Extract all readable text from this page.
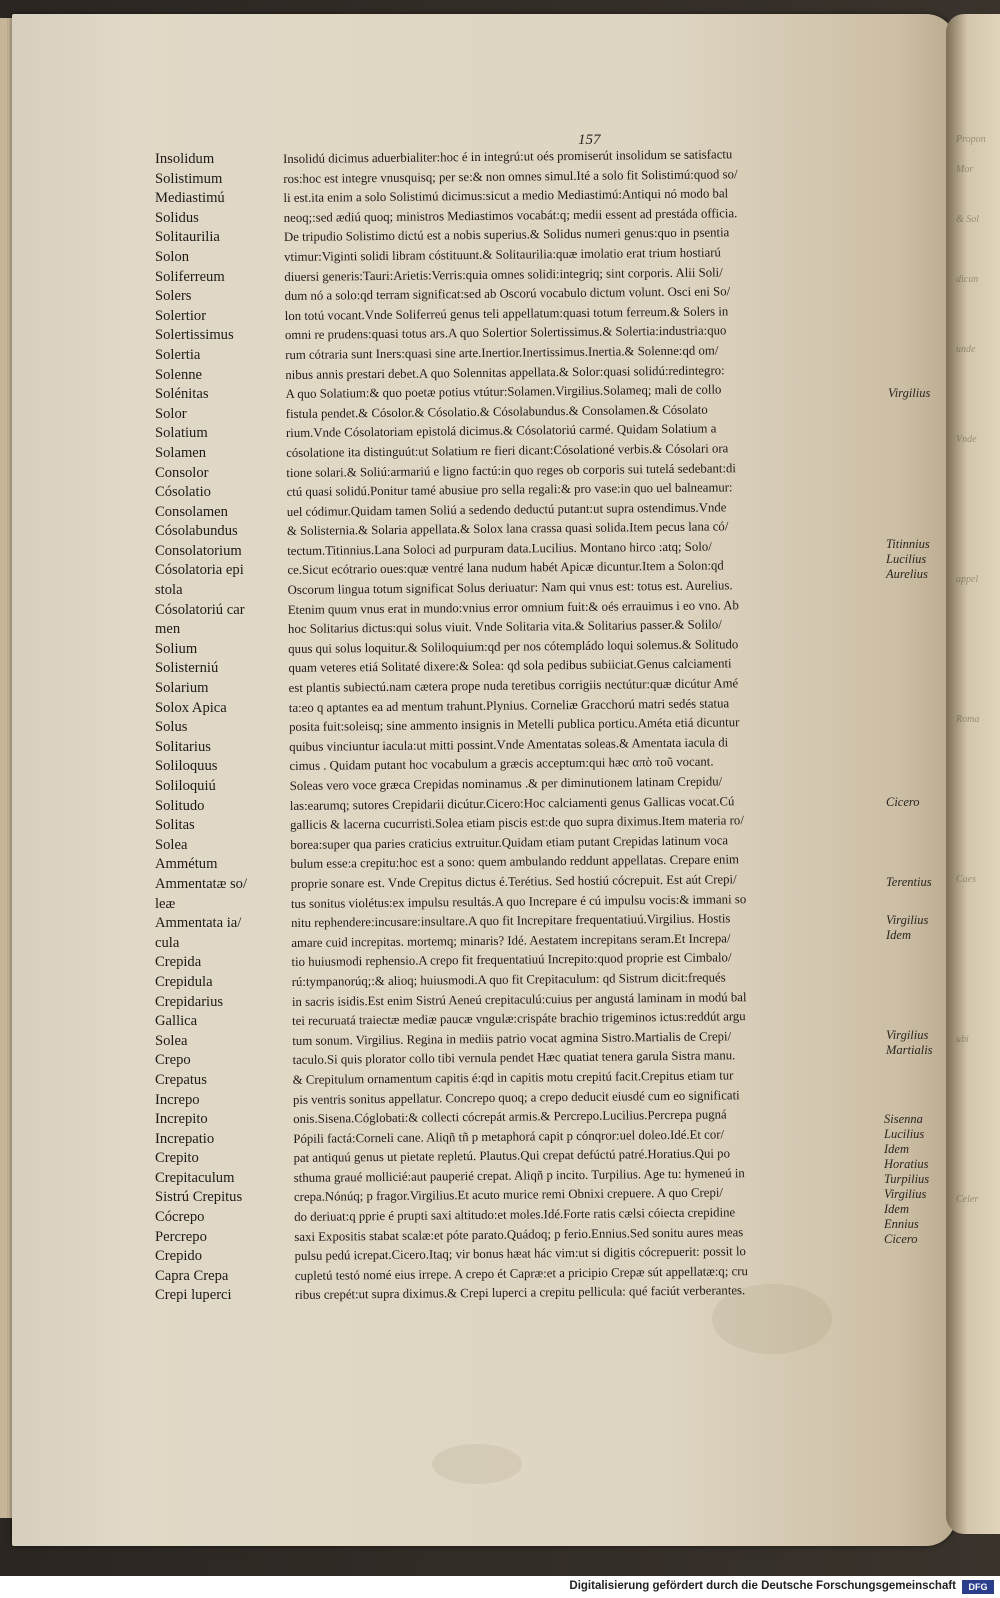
Propon
Mor
& Sol
dicun
unde
Vnde
appel
Roma
Caes
ubi
Celer
157
Insolidum
Solistimum
Mediastimú
Solidus
Solitaurilia
Solon
Soliferreum
Solers
Solertior
Solertissimus
Solertia
Solenne
Solénitas
Solor
Solatium
Solamen
Consolor
Cósolatio
Consolamen
Cósolabundus
Consolatorium
Cósolatoria epi
stola
Cósolatoriú car
men
Solium
Solisterniú
Solarium
Solox Apica
Solus
Solitarius
Soliloquus
Soliloquiú
Solitudo
Solitas
Solea
Ammétum
Ammentatæ so/
leæ
Ammentata ia/
cula
Crepida
Crepidula
Crepidarius
Gallica
Solea
Crepo
Crepatus
Increpo
Increpito
Increpatio
Crepito
Crepitaculum
Sistrú Crepitus
Cócrepo
Percrepo
Crepido
Capra Crepa
Crepi luperci
Insolidú dicimus aduerbialiter:hoc é in integrú:ut oés promiserút insolidum se satisfactu
ros:hoc est integre vnusquisq; per se:& non omnes simul.Ité a solo fit Solistimú:quod so/
li est.ita enim a solo Solistimú dicimus:sicut a medio Mediastimú:Antiqui nó modo bal
neoq;:sed ædiú quoq; ministros Mediastimos vocabát:q; medii essent ad prestáda officia.
De tripudio Solistimo dictú est a nobis superius.& Solidus numeri genus:quo in psentia
vtimur:Viginti solidi libram cóstituunt.& Solitaurilia:quæ imolatio erat trium hostiarú
diuersi generis:Tauri:Arietis:Verris:quia omnes solidi:integriq; sint corporis. Alii Soli/
dum nó a solo:qd terram significat:sed ab Oscorú vocabulo dictum volunt. Osci eni So/
lon totú vocant.Vnde Soliferreú genus teli appellatum:quasi totum ferreum.& Solers in
omni re prudens:quasi totus ars.A quo Solertior Solertissimus.& Solertia:industria:quo
rum cótraria sunt Iners:quasi sine arte.Inertior.Inertissimus.Inertia.& Solenne:qd om/
nibus annis prestari debet.A quo Solennitas appellata.& Solor:quasi solidú:redintegro:
A quo Solatium:& quo poetæ potius vtútur:Solamen.Virgilius.Solameq; mali de collo
fistula pendet.& Cósolor.& Cósolatio.& Cósolabundus.& Consolamen.& Cósolato
rium.Vnde Cósolatoriam epistolá dicimus.& Cósolatoriú carmé. Quidam Solatium a
cósolatione ita distinguút:ut Solatium re fieri dicant:Cósolationé verbis.& Cósolari ora
tione solari.& Soliú:armariú e ligno factú:in quo reges ob corporis sui tutelá sedebant:di
ctú quasi solidú.Ponitur tamé abusiue pro sella regali:& pro vase:in quo uel balneamur:
uel códimur.Quidam tamen Soliú a sedendo deductú putant:ut supra ostendimus.Vnde
& Solisternia.& Solaria appellata.& Solox lana crassa quasi solida.Item pecus lana có/
tectum.Titinnius.Lana Soloci ad purpuram data.Lucilius. Montano hirco :atq; Solo/
ce.Sicut ecótrario oues:quæ ventré lana nudum habét Apicæ dicuntur.Item a Solon:qd
Oscorum lingua totum significat Solus deriuatur: Nam qui vnus est: totus est. Aurelius.
Etenim quum vnus erat in mundo:vnius error omnium fuit:& oés errauimus i eo vno. Ab
hoc Solitarius dictus:qui solus viuit. Vnde Solitaria vita.& Solitarius passer.& Solilo/
quus qui solus loquitur.& Soliloquium:qd per nos cótempládo loqui solemus.& Solitudo
quam veteres etiá Solitaté dixere:& Solea: qd sola pedibus subiiciat.Genus calciamenti
est plantis subiectú.nam cætera prope nuda teretibus corrigiis nectútur:quæ dicútur Amé
ta:eo q aptantes ea ad mentum trahunt.Plynius. Corneliæ Gracchorú matri sedés statua
posita fuit:soleisq; sine ammento insignis in Metelli publica porticu.Améta etiá dicuntur
quibus vinciuntur iacula:ut mitti possint.Vnde Amentatas soleas.& Amentata iacula di
cimus . Quidam putant hoc vocabulum a græcis acceptum:qui hæc απὸ τοῦ vocant.
Soleas vero voce græca Crepidas nominamus .& per diminutionem latinam Crepidu/
las:earumq; sutores Crepidarii dicútur.Cicero:Hoc calciamenti genus Gallicas vocat.Cú
gallicis & lacerna cucurristi.Solea etiam piscis est:de quo supra diximus.Item materia ro/
borea:super qua paries craticius extruitur.Quidam etiam putant Crepidas latinum voca
bulum esse:a crepitu:hoc est a sono: quem ambulando reddunt appellatas. Crepare enim
proprie sonare est. Vnde Crepitus dictus é.Terétius. Sed hostiú cócrepuit. Est aút Crepi/
tus sonitus violétus:ex impulsu resultás.A quo Increpare é cú impulsu vocis:& immani so
nitu rephendere:incusare:insultare.A quo fit Increpitare frequentatiuú.Virgilius. Hostis
amare cuid increpitas. mortemq; minaris? Idé. Aestatem increpitans seram.Et Increpa/
tio huiusmodi rephensio.A crepo fit frequentatiuú Increpito:quod proprie est Cimbalo/
rú:tympanorúq;:& alioq; huiusmodi.A quo fit Crepitaculum: qd Sistrum dicit:frequés
in sacris isidis.Est enim Sistrú Aeneú crepitaculú:cuius per angustá laminam in modú bal
tei recuruatá traiectæ mediæ paucæ vngulæ:crispáte brachio trigeminos ictus:reddút argu
tum sonum. Virgilius. Regina in mediis patrio vocat agmina Sistro.Martialis de Crepi/
taculo.Si quis plorator collo tibi vernula pendet Hæc quatiat tenera garula Sistra manu.
& Crepitulum ornamentum capitis é:qd in capitis motu crepitú facit.Crepitus etiam tur
pis ventris sonitus appellatur. Concrepo quoq; a crepo deducit eiusdé cum eo significati
onis.Sisena.Cóglobati:& collecti cócrepát armis.& Percrepo.Lucilius.Percrepa pugná
Pópili factá:Corneli cane. Aliqñ tñ p metaphorá capit p cónqror:uel doleo.Idé.Et cor/
pat antiquú genus ut pietate repletú. Plautus.Qui crepat defúctú patré.Horatius.Qui po
sthuma graué mollicié:aut pauperié crepat. Aliqñ p incito. Turpilius. Age tu: hymeneú in
crepa.Nónúq; p fragor.Virgilius.Et acuto murice remi Obnixi crepuere. A quo Crepi/
do deriuat:q pprie é prupti saxi altitudo:et moles.Idé.Forte ratis cælsi cóiecta crepidine
saxi Expositis stabat scalæ:et póte parato.Quádoq; p ferio.Ennius.Sed sonitu aures meas
pulsu pedú icrepat.Cicero.Itaq; vir bonus hæat hác vim:ut si digitis cócrepuerit: possit lo
cupletú testó nomé eius irrepe. A crepo ét Capræ:et a pricipio Crepæ sút appellatæ:q; cru
ribus crepét:ut supra diximus.& Crepi luperci a crepitu pellicula: qué faciút verberantes.
Virgilius
Titinnius
Lucilius
Aurelius
Cicero
Terentius
Virgilius
Idem
Virgilius
Martialis
Sisenna
Lucilius
Idem
Horatius
Turpilius
Virgilius
Idem
Ennius
Cicero
Digitalisierung gefördert durch die Deutsche Forschungsgemeinschaft	DFG
